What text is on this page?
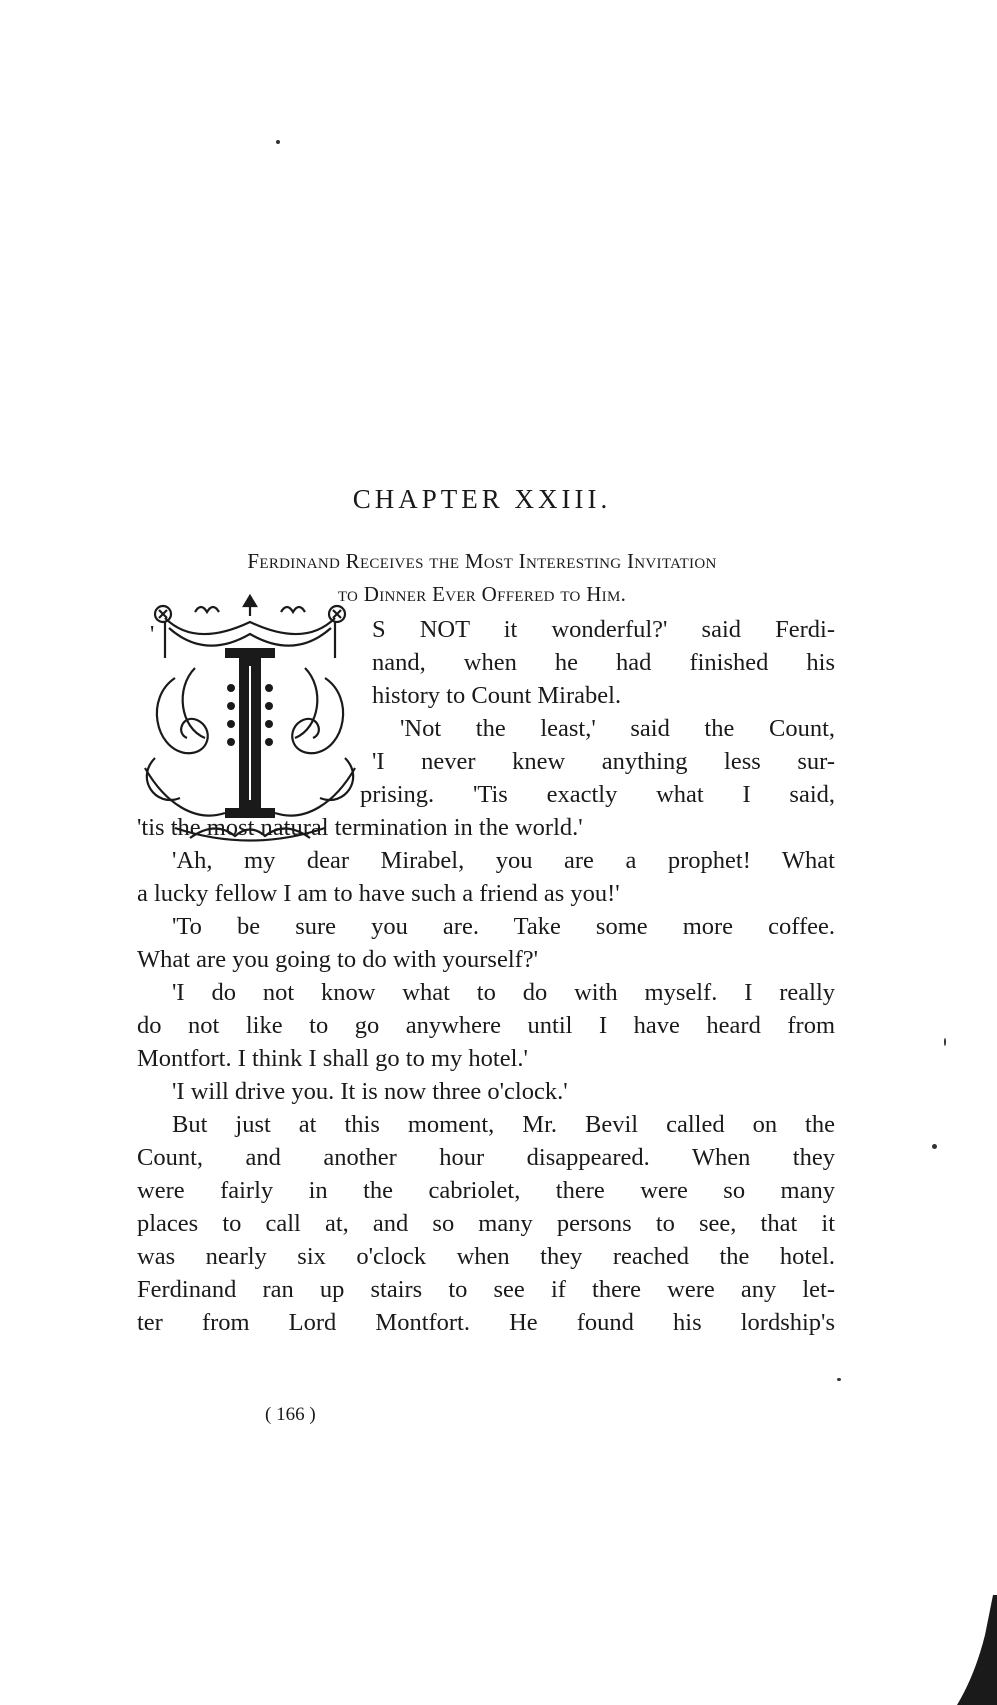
CHAPTER XXIII.
Ferdinand Receives the Most Interesting Invitation
to Dinner Ever Offered to Him.
'	S NOT it wonderful?' said Ferdi-
nand, when he had finished his
history to Count Mirabel.
'Not the least,' said the Count,
'I never knew anything less sur-
prising. 'Tis exactly what I said,
'tis the most natural termination in the world.'
'Ah, my dear Mirabel, you are a prophet! What
a lucky fellow I am to have such a friend as you!'
'To be sure you are. Take some more coffee.
What are you going to do with yourself?'
'I do not know what to do with myself. I really
do not like to go anywhere until I have heard from
Montfort. I think I shall go to my hotel.'
'I will drive you. It is now three o'clock.'
But just at this moment, Mr. Bevil called on the
Count, and another hour disappeared. When they
were fairly in the cabriolet, there were so many
places to call at, and so many persons to see, that it
was nearly six o'clock when they reached the hotel.
Ferdinand ran up stairs to see if there were any let-
ter from Lord Montfort. He found his lordship's

( 166 )
